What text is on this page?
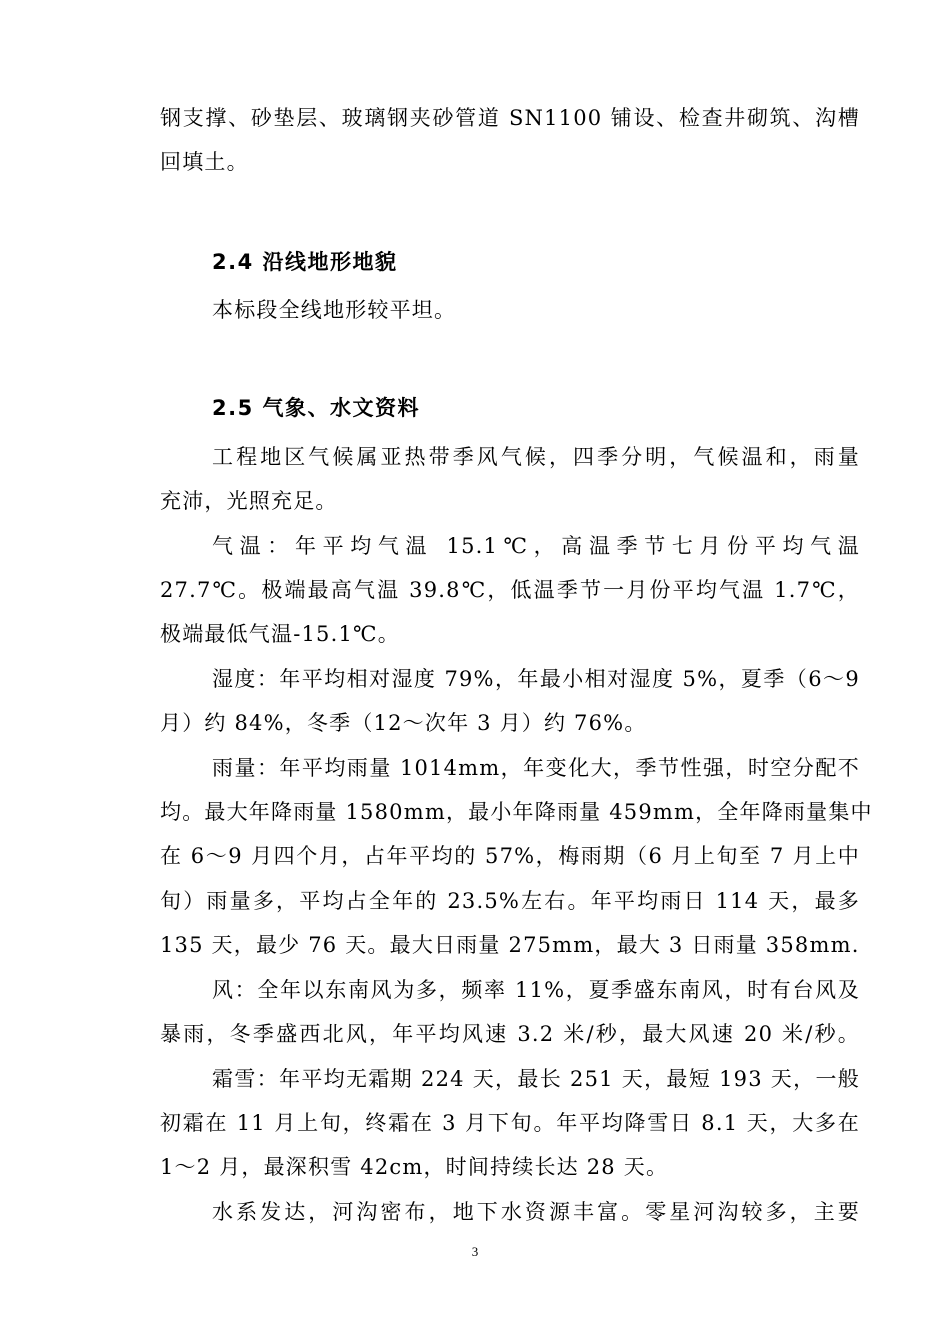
钢支撑、砂垫层、玻璃钢夹砂管道 SN1100 铺设、检查井砌筑、沟槽
回填土。
2.4 沿线地形地貌
本标段全线地形较平坦。
2.5 气象、水文资料
工程地区气候属亚热带季风气候，四季分明，气候温和，雨量
充沛，光照充足。
气温：年平均气温 15.1℃，高温季节七月份平均气温
27.7℃。极端最高气温 39.8℃，低温季节一月份平均气温 1.7℃，
极端最低气温-15.1℃。
湿度：年平均相对湿度 79%，年最小相对湿度 5%，夏季（6～9
月）约 84%，冬季（12～次年 3 月）约 76%。
雨量：年平均雨量 1014mm，年变化大，季节性强，时空分配不
均。最大年降雨量 1580mm，最小年降雨量 459mm，全年降雨量集中
在 6～9 月四个月，占年平均的 57%，梅雨期（6 月上旬至 7 月上中
旬）雨量多，平均占全年的 23.5%左右。年平均雨日 114 天，最多
135 天，最少 76 天。最大日雨量 275mm，最大 3 日雨量 358mm.
风：全年以东南风为多，频率 11%，夏季盛东南风，时有台风及
暴雨，冬季盛西北风，年平均风速 3.2 米/秒，最大风速 20 米/秒。
霜雪：年平均无霜期 224 天，最长 251 天，最短 193 天，一般
初霜在 11 月上旬，终霜在 3 月下旬。年平均降雪日 8.1 天，大多在
1～2 月，最深积雪 42cm，时间持续长达 28 天。
水系发达，河沟密布，地下水资源丰富。零星河沟较多，主要
3
